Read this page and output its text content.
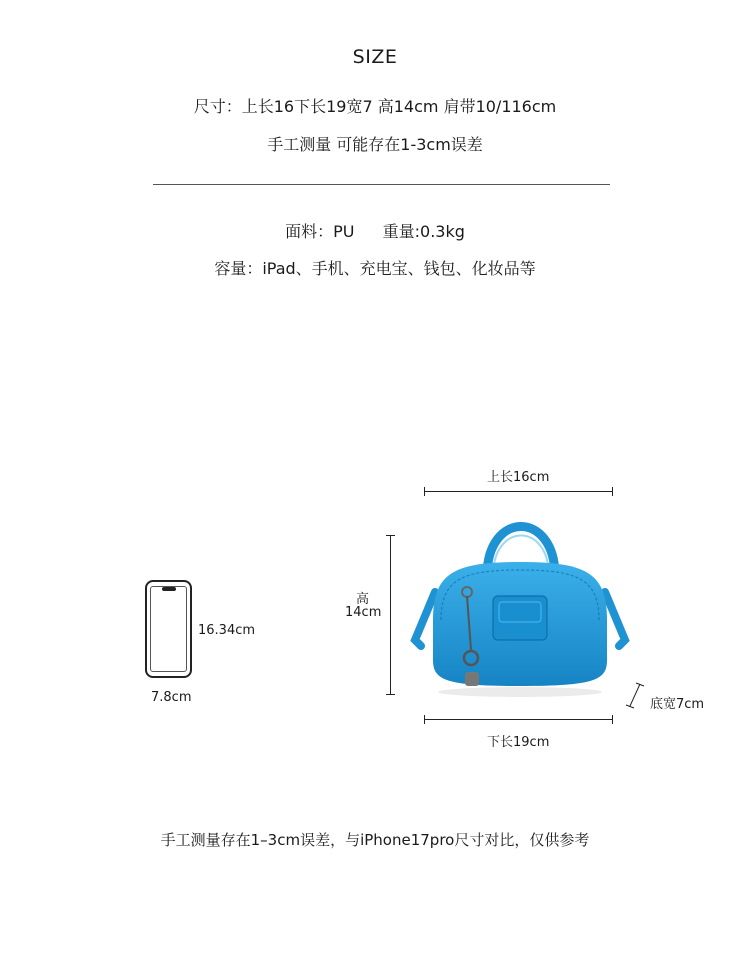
SIZE
尺寸：上长16下长19宽7 高14cm 肩带10/116cm
手工测量 可能存在1-3cm误差
面料：PU 重量:0.3kg
容量：iPad、手机、充电宝、钱包、化妆品等
16.34cm
7.8cm
上长16cm
高
14cm
底宽7cm
下长19cm
手工测量存在1–3cm误差，与iPhone17pro尺寸对比，仅供参考
